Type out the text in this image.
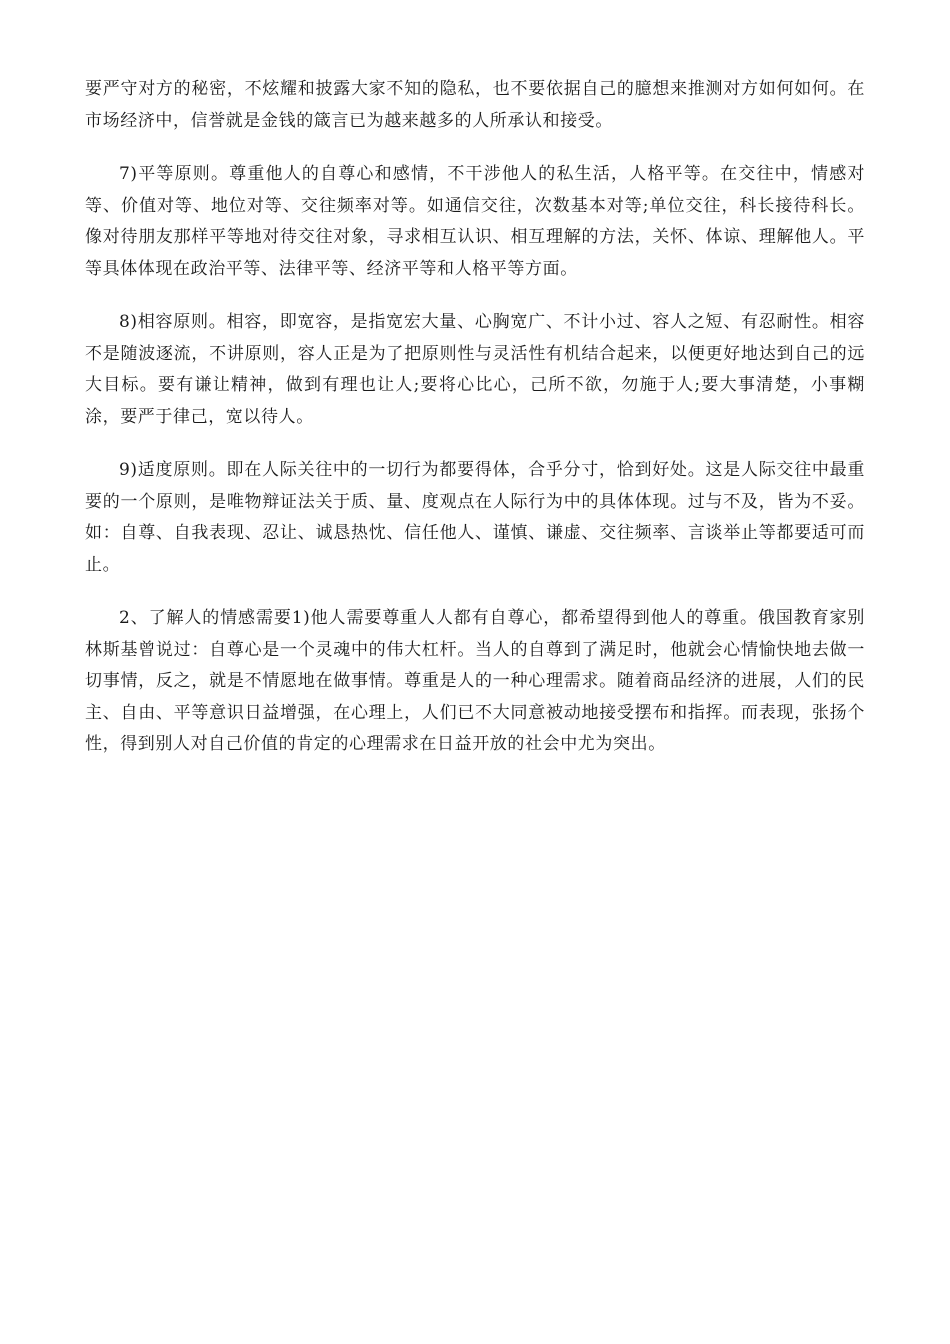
要严守对方的秘密，不炫耀和披露大家不知的隐私，也不要依据自己的臆想来推测对方如何如何。在市场经济中，信誉就是金钱的箴言已为越来越多的人所承认和接受。

7)平等原则。尊重他人的自尊心和感情，不干涉他人的私生活，人格平等。在交往中，情感对等、价值对等、地位对等、交往频率对等。如通信交往，次数基本对等;单位交往，科长接待科长。像对待朋友那样平等地对待交往对象，寻求相互认识、相互理解的方法，关怀、体谅、理解他人。平等具体体现在政治平等、法律平等、经济平等和人格平等方面。

8)相容原则。相容，即宽容，是指宽宏大量、心胸宽广、不计小过、容人之短、有忍耐性。相容不是随波逐流，不讲原则，容人正是为了把原则性与灵活性有机结合起来，以便更好地达到自己的远大目标。要有谦让精神，做到有理也让人;要将心比心，己所不欲，勿施于人;要大事清楚，小事糊涂，要严于律己，宽以待人。

9)适度原则。即在人际关往中的一切行为都要得体，合乎分寸，恰到好处。这是人际交往中最重要的一个原则，是唯物辩证法关于质、量、度观点在人际行为中的具体体现。过与不及，皆为不妥。如：自尊、自我表现、忍让、诚恳热忱、信任他人、谨慎、谦虚、交往频率、言谈举止等都要适可而止。

2、了解人的情感需要1)他人需要尊重人人都有自尊心，都希望得到他人的尊重。俄国教育家别林斯基曾说过：自尊心是一个灵魂中的伟大杠杆。当人的自尊到了满足时，他就会心情愉快地去做一切事情，反之，就是不情愿地在做事情。尊重是人的一种心理需求。随着商品经济的进展，人们的民主、自由、平等意识日益增强，在心理上，人们已不大同意被动地接受摆布和指挥。而表现，张扬个性，得到别人对自己价值的肯定的心理需求在日益开放的社会中尤为突出。
